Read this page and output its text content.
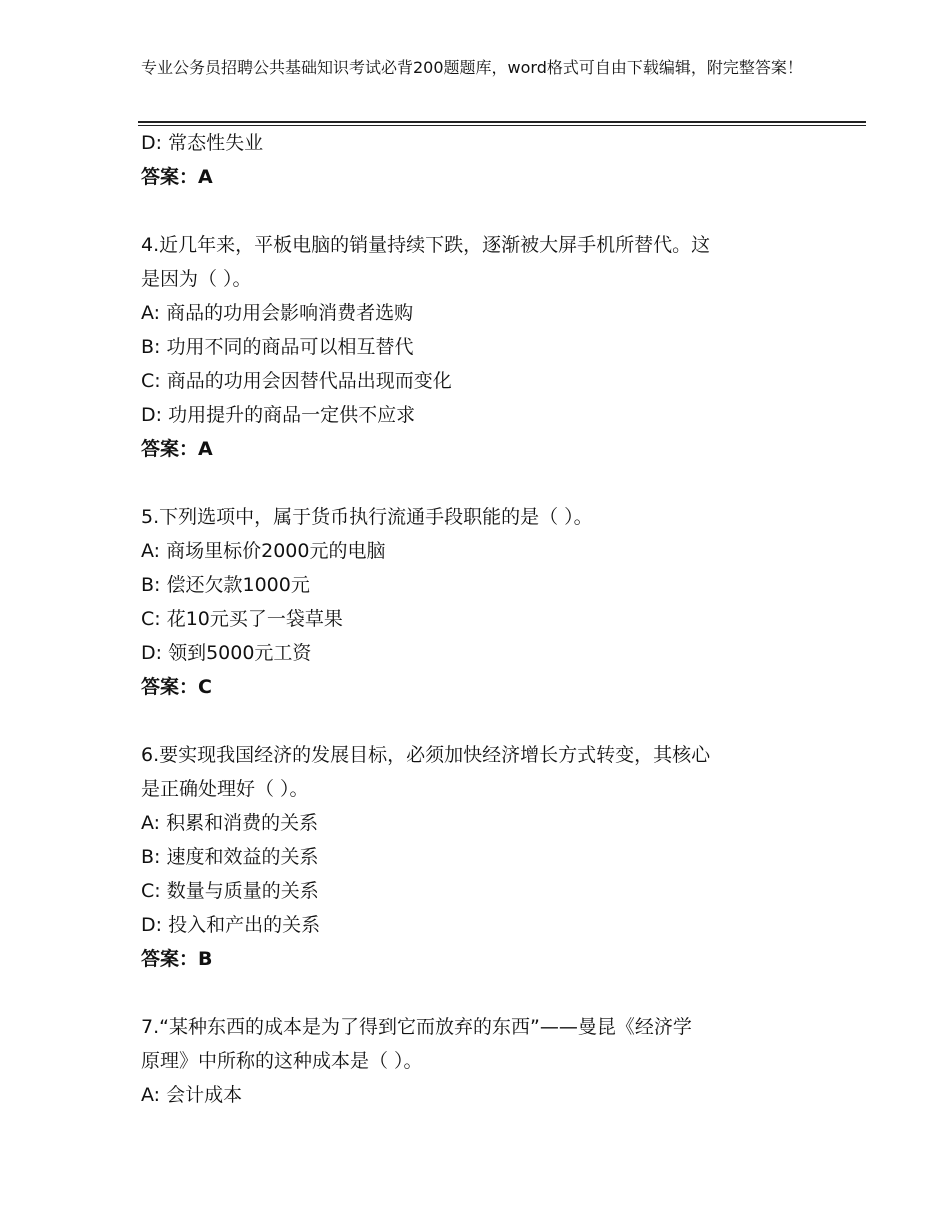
专业公务员招聘公共基础知识考试必背200题题库，word格式可自由下载编辑，附完整答案！
D: 常态性失业
答案：A
4.近几年来，平板电脑的销量持续下跌，逐渐被大屏手机所替代。这
是因为（ ）。
A: 商品的功用会影响消费者选购
B: 功用不同的商品可以相互替代
C: 商品的功用会因替代品出现而变化
D: 功用提升的商品一定供不应求
答案：A
5.下列选项中，属于货币执行流通手段职能的是（ ）。
A: 商场里标价2000元的电脑
B: 偿还欠款1000元
C: 花10元买了一袋草果
D: 领到5000元工资
答案：C
6.要实现我国经济的发展目标，必须加快经济增长方式转变，其核心
是正确处理好（ ）。
A: 积累和消费的关系
B: 速度和效益的关系
C: 数量与质量的关系
D: 投入和产出的关系
答案：B
7.“某种东西的成本是为了得到它而放弃的东西”——曼昆《经济学
原理》中所称的这种成本是（ ）。
A: 会计成本
